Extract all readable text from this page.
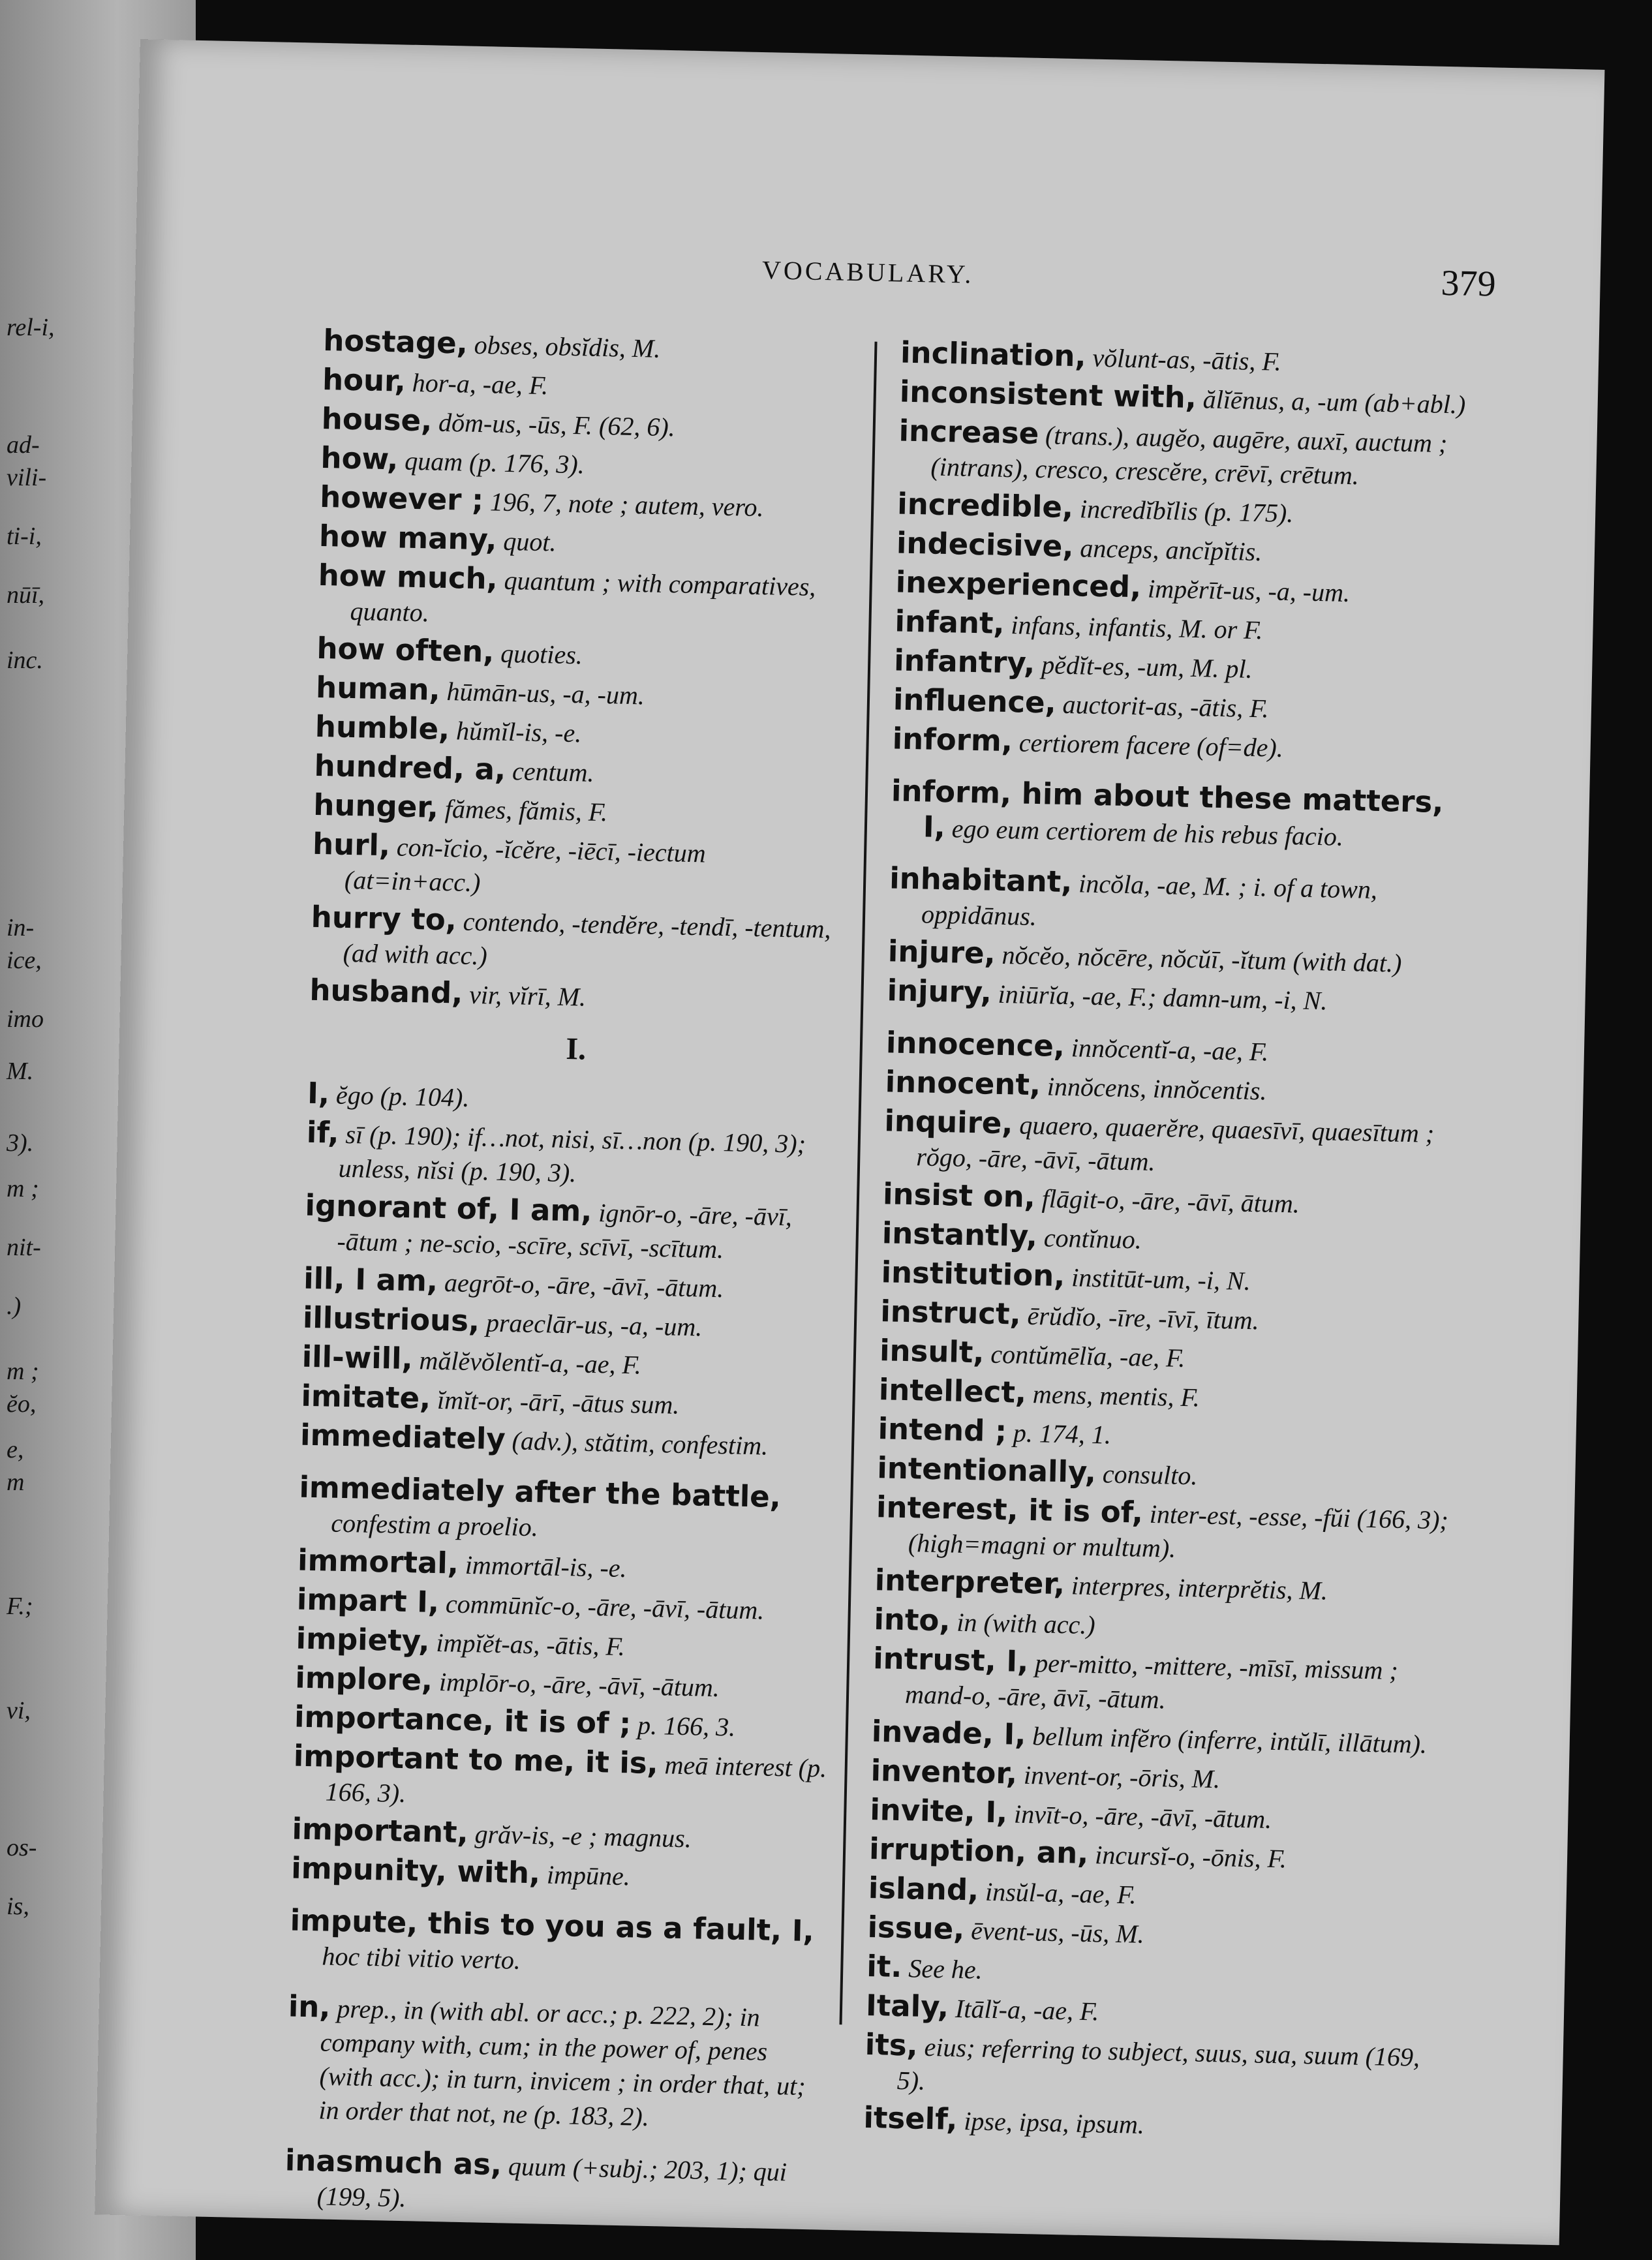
rel-i,
ad-
vili-
ti-i,
nūī,
inc.
in-
ice,
imo
M.
3).
m ;
nit-
.)
m ;
ĕo,
e,
m
F.;
vi,
os-
is,
VOCABULARY.	379

hostage, obses, obsĭdis, M.

hour, hor-a, -ae, F.

house, dŏm-us, -ūs, F. (62, 6).

how, quam (p. 176, 3).

however ; 196, 7, note ; autem, vero.

how many, quot.

how much, quantum ; with comparatives, quanto.

how often, quoties.

human, hūmān-us, -a, -um.

humble, hŭmĭl-is, -e.

hundred, a, centum.

hunger, fămes, fămis, F.

hurl, con-ĭcio, -ĭcĕre, -iēcī, -iectum (at=in+acc.)

hurry to, contendo, -tendĕre, -tendī, -tentum, (ad with acc.)

husband, vir, vĭrī, M.

I.

I, ĕgo (p. 104).

if, sī (p. 190); if…not, nisi, sī…non (p. 190, 3); unless, nĭsi (p. 190, 3).

ignorant of, I am, ignōr-o, -āre, -āvī, -ātum ; ne-scio, -scīre, scīvī, -scītum.

ill, I am, aegrōt-o, -āre, -āvī, -ātum.

illustrious, praeclār-us, -a, -um.

ill-will, mălĕvŏlentĭ-a, -ae, F.

imitate, ĭmĭt-or, -ārī, -ātus sum.

immediately (adv.), stătim, confestim.

immediately after the battle, confestim a proelio.

immortal, immortāl-is, -e.

impart I, commūnĭc-o, -āre, -āvī, -ātum.

impiety, impĭĕt-as, -ātis, F.

implore, implōr-o, -āre, -āvī, -ātum.

importance, it is of ; p. 166, 3.

important to me, it is, meā interest (p. 166, 3).

important, grăv-is, -e ; magnus.

impunity, with, impūne.

impute, this to you as a fault, I, hoc tibi vitio verto.

in, prep., in (with abl. or acc.; p. 222, 2); in company with, cum; in the power of, penes (with acc.); in turn, invicem ; in order that, ut; in order that not, ne (p. 183, 2).

inasmuch as, quum (+subj.; 203, 1); qui (199, 5).

inclination, vŏlunt-as, -ātis, F.

inconsistent with, ălĭēnus, a, -um (ab+abl.)

increase (trans.), augĕo, augēre, auxī, auctum ; (intrans), cresco, crescĕre, crēvī, crētum.

incredible, incredĭbĭlis (p. 175).

indecisive, anceps, ancĭpĭtis.

inexperienced, impĕrīt-us, -a, -um.

infant, infans, infantis, M. or F.

infantry, pĕdĭt-es, -um, M. pl.

influence, auctorit-as, -ātis, F.

inform, certiorem facere (of=de).

inform, him about these matters, I, ego eum certiorem de his rebus facio.

inhabitant, incŏla, -ae, M. ; i. of a town, oppidānus.

injure, nŏcĕo, nŏcēre, nŏcŭī, -ĭtum (with dat.)

injury, iniūrĭa, -ae, F.; damn-um, -i, N.

innocence, innŏcentĭ-a, -ae, F.

innocent, innŏcens, innŏcentis.

inquire, quaero, quaerĕre, quaesīvī, quaesītum ; rŏgo, -āre, -āvī, -ātum.

insist on, flāgit-o, -āre, -āvī, ātum.

instantly, contĭnuo.

institution, institūt-um, -i, N.

instruct, ērŭdĭo, -īre, -īvī, ītum.

insult, contŭmēlĭa, -ae, F.

intellect, mens, mentis, F.

intend ; p. 174, 1.

intentionally, consulto.

interest, it is of, inter-est, -esse, -fŭi (166, 3); (high=magni or multum).

interpreter, interpres, interprĕtis, M.

into, in (with acc.)

intrust, I, per-mitto, -mittere, -mīsī, missum ; mand-o, -āre, āvī, -ātum.

invade, I, bellum infĕro (inferre, intŭlī, illātum).

inventor, invent-or, -ōris, M.

invite, I, invīt-o, -āre, -āvī, -ātum.

irruption, an, incursĭ-o, -ōnis, F.

island, insŭl-a, -ae, F.

issue, ēvent-us, -ūs, M.

it. See he.

Italy, Itālĭ-a, -ae, F.

its, eius; referring to subject, suus, sua, suum (169, 5).

itself, ipse, ipsa, ipsum.
